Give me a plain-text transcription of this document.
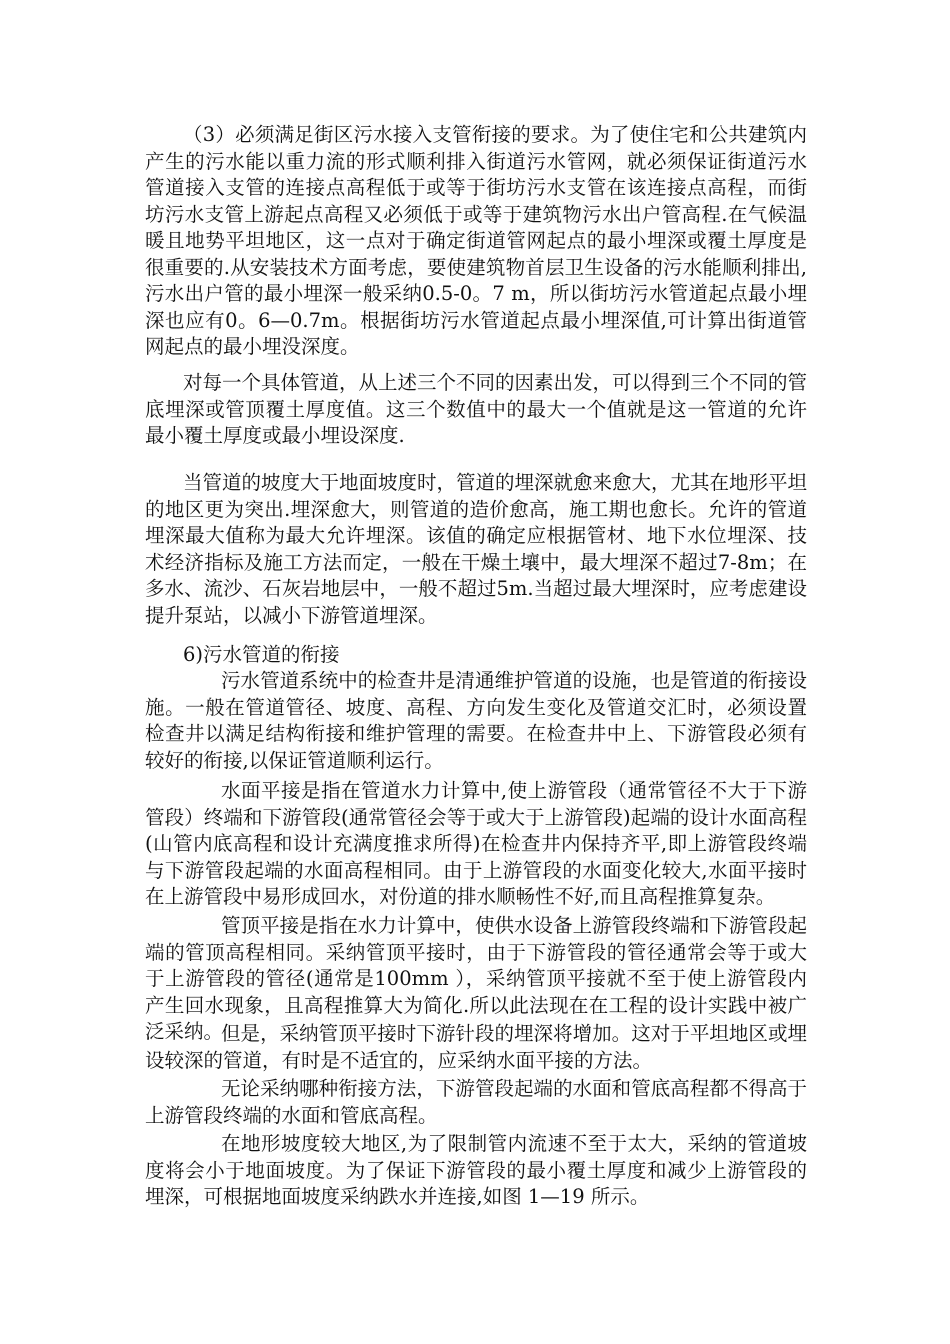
（3）必须满足街区污水接入支管衔接的要求。为了使住宅和公共建筑内产生的污水能以重力流的形式顺利排入街道污水管网，就必须保证街道污水管道接入支管的连接点高程低于或等于街坊污水支管在该连接点高程，而街坊污水支管上游起点高程又必须低于或等于建筑物污水出户管高程.在气候温暖且地势平坦地区，这一点对于确定街道管网起点的最小埋深或覆土厚度是很重要的.从安装技术方面考虑，要使建筑物首层卫生设备的污水能顺利排出,污水出户管的最小埋深一般采纳0.5-0。7 m，所以街坊污水管道起点最小埋深也应有0。6—0.7m。根据街坊污水管道起点最小埋深值,可计算出街道管网起点的最小埋没深度。

对每一个具体管道，从上述三个不同的因素出发，可以得到三个不同的管底埋深或管顶覆土厚度值。这三个数值中的最大一个值就是这一管道的允许最小覆土厚度或最小埋设深度.

当管道的坡度大于地面坡度时，管道的埋深就愈来愈大，尤其在地形平坦的地区更为突出.埋深愈大，则管道的造价愈高，施工期也愈长。允许的管道埋深最大值称为最大允许埋深。该值的确定应根据管材、地下水位埋深、技术经济指标及施工方法而定，一般在干燥土壤中，最大埋深不超过7-8m；在多水、流沙、石灰岩地层中，一般不超过5m.当超过最大埋深时，应考虑建设提升泵站，以减小下游管道埋深。

6)污水管道的衔接

污水管道系统中的检查井是清通维护管道的设施，也是管道的衔接设施。一般在管道管径、坡度、高程、方向发生变化及管道交汇时，必须设置检查井以满足结构衔接和维护管理的需要。在检查井中上、下游管段必须有较好的衔接,以保证管道顺利运行。

水面平接是指在管道水力计算中,使上游管段（通常管径不大于下游管段）终端和下游管段(通常管径会等于或大于上游管段)起端的设计水面高程(山管内底高程和设计充满度推求所得)在检查井内保持齐平,即上游管段终端与下游管段起端的水面高程相同。由于上游管段的水面变化较大,水面平接时在上游管段中易形成回水，对份道的排水顺畅性不好,而且高程推算复杂。

管顶平接是指在水力计算中，使供水设备上游管段终端和下游管段起端的管顶高程相同。采纳管顶平接时，由于下游管段的管径通常会等于或大于上游管段的管径(通常是100mm ），采纳管顶平接就不至于使上游管段内产生回水现象，且高程推算大为简化.所以此法现在在工程的设计实践中被广泛采纳。

但是，采纳管顶平接时下游针段的埋深将增加。这对于平坦地区或埋设较深的管道，有时是不适宜的，应采纳水面平接的方法。

无论采纳哪种衔接方法，下游管段起端的水面和管底高程都不得高于上游管段终端的水面和管底高程。

在地形坡度较大地区,为了限制管内流速不至于太大，采纳的管道坡度将会小于地面坡度。为了保证下游管段的最小覆土厚度和减少上游管段的埋深，可根据地面坡度采纳跌水并连接,如图 1—19 所示。
